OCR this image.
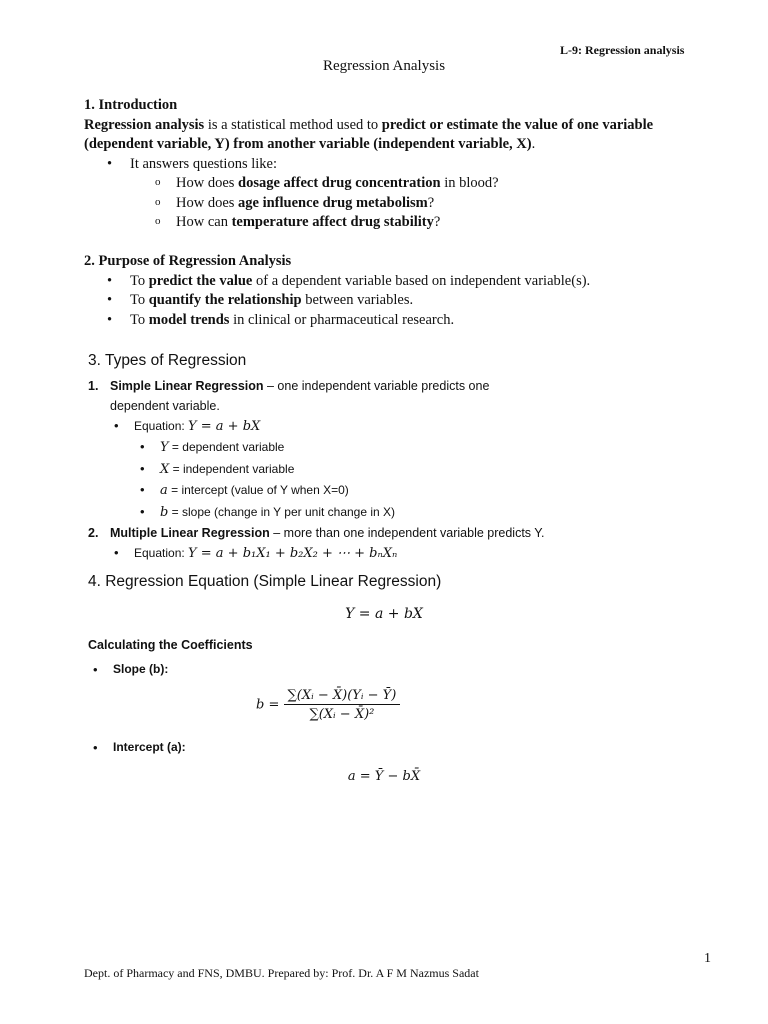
L-9: Regression analysis
Regression Analysis
1. Introduction

Regression analysis is a statistical method used to predict or estimate the value of one variable (dependent variable, Y) from another variable (independent variable, X).

• It answers questions like:
o How does dosage affect drug concentration in blood?
o How does age influence drug metabolism?
o How can temperature affect drug stability?
2. Purpose of Regression Analysis
• To predict the value of a dependent variable based on independent variable(s).
• To quantify the relationship between variables.
• To model trends in clinical or pharmaceutical research.
3. Types of Regression
1. Simple Linear Regression – one independent variable predicts one dependent variable.
• Equation: Y = a + bX
• Y = dependent variable
• X = independent variable
• a = intercept (value of Y when X=0)
• b = slope (change in Y per unit change in X)
2. Multiple Linear Regression – more than one independent variable predicts Y.
• Equation: Y = a + b₁X₁ + b₂X₂ + ⋯ + bₙXₙ
4. Regression Equation (Simple Linear Regression)
Y = a + bX
Calculating the Coefficients
• Slope (b):
$b = \frac{\text{∑(Xᵢ − X̄)(Yᵢ − Ȳ)}}{\text{∑(Xᵢ − X̄)²}}$
• Intercept (a):
a = Ȳ − bX̄
1
Dept. of Pharmacy and FNS, DMBU. Prepared by: Prof. Dr. A F M Nazmus Sadat
